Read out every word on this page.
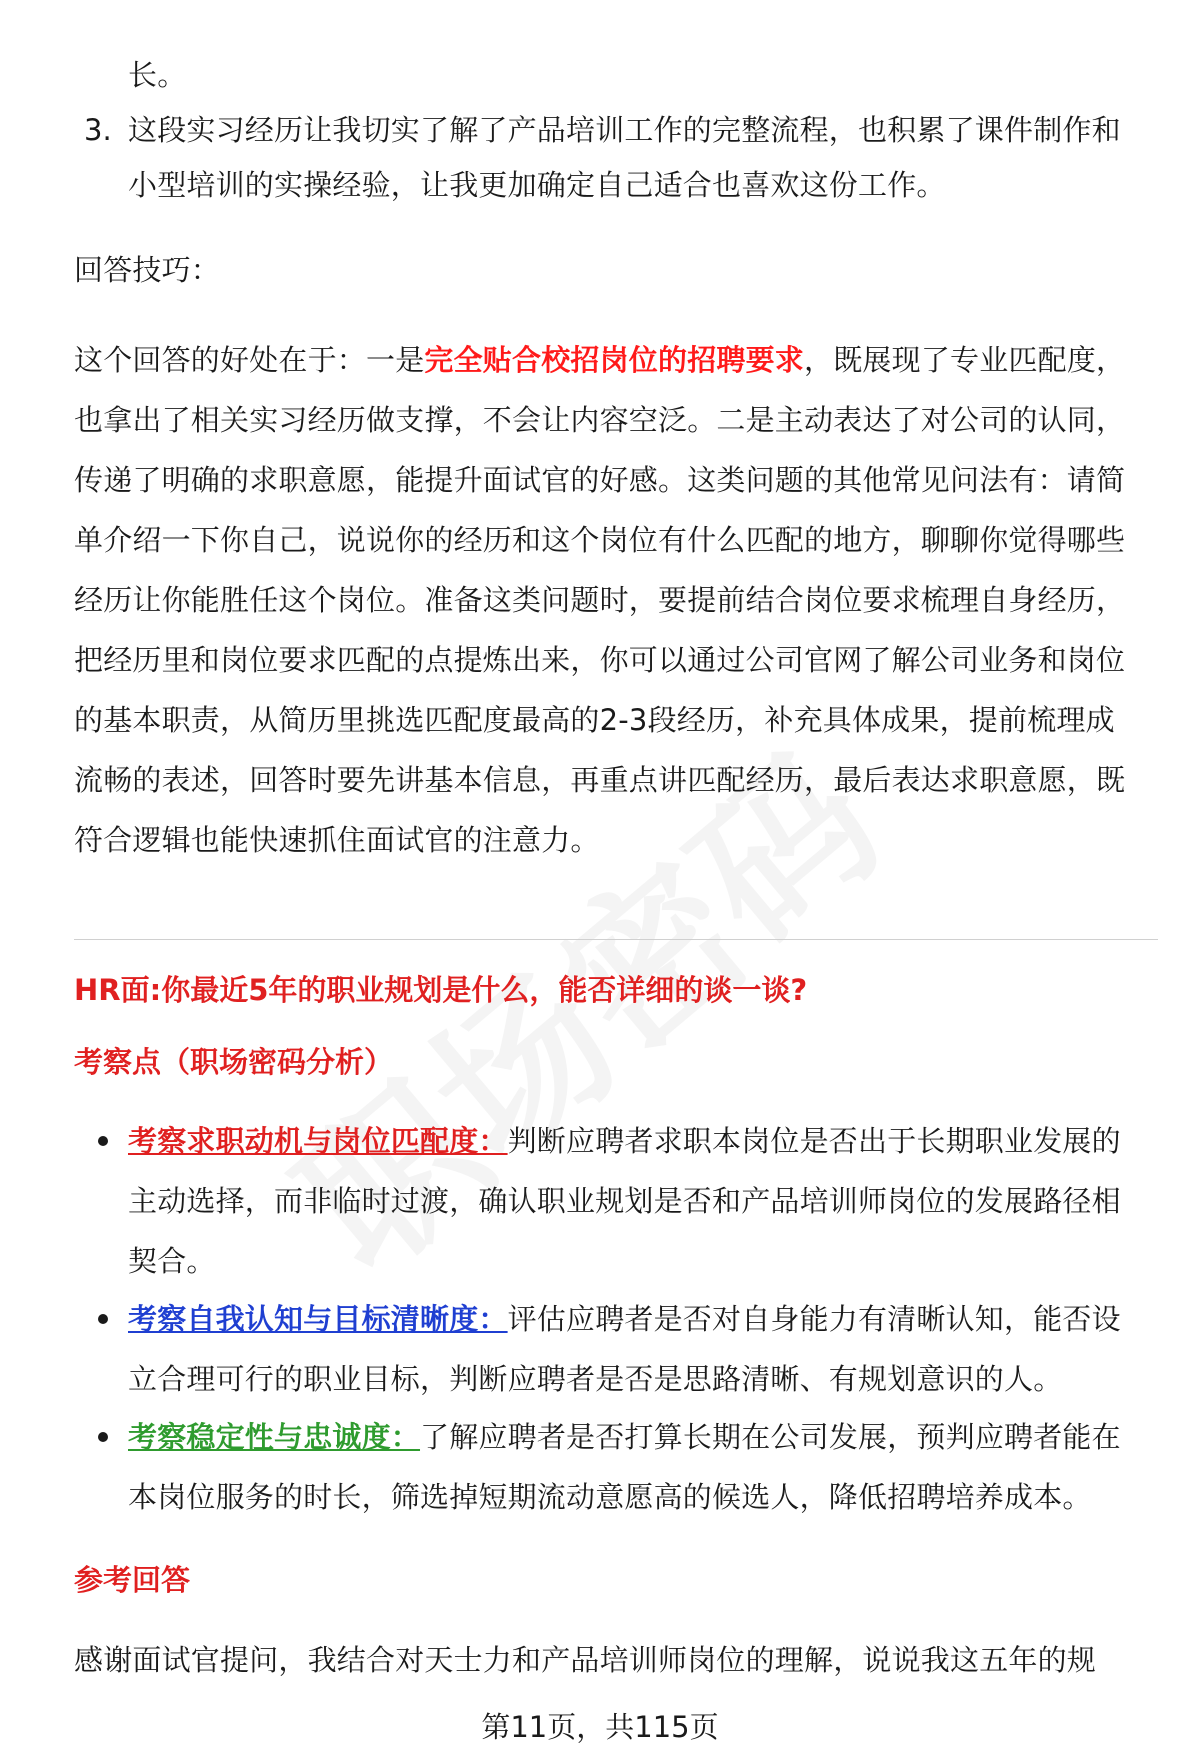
长。
3. 这段实习经历让我切实了解了产品培训工作的完整流程，也积累了课件制作和
小型培训的实操经验，让我更加确定自己适合也喜欢这份工作。
回答技巧：
这个回答的好处在于：一是完全贴合校招岗位的招聘要求，既展现了专业匹配度，
也拿出了相关实习经历做支撑，不会让内容空泛。二是主动表达了对公司的认同，
传递了明确的求职意愿，能提升面试官的好感。这类问题的其他常见问法有：请简
单介绍一下你自己，说说你的经历和这个岗位有什么匹配的地方，聊聊你觉得哪些
经历让你能胜任这个岗位。准备这类问题时，要提前结合岗位要求梳理自身经历，
把经历里和岗位要求匹配的点提炼出来，你可以通过公司官网了解公司业务和岗位
的基本职责，从简历里挑选匹配度最高的2-3段经历，补充具体成果，提前梳理成
流畅的表述，回答时要先讲基本信息，再重点讲匹配经历，最后表达求职意愿，既
符合逻辑也能快速抓住面试官的注意力。
HR面:你最近5年的职业规划是什么，能否详细的谈一谈?
考察点（职场密码分析）
考察求职动机与岗位匹配度：判断应聘者求职本岗位是否出于长期职业发展的
主动选择，而非临时过渡，确认职业规划是否和产品培训师岗位的发展路径相
契合。
考察自我认知与目标清晰度：评估应聘者是否对自身能力有清晰认知，能否设
立合理可行的职业目标，判断应聘者是否是思路清晰、有规划意识的人。
考察稳定性与忠诚度：了解应聘者是否打算长期在公司发展，预判应聘者能在
本岗位服务的时长，筛选掉短期流动意愿高的候选人，降低招聘培养成本。
参考回答
感谢面试官提问，我结合对天士力和产品培训师岗位的理解，说说我这五年的规
第11页，共115页
